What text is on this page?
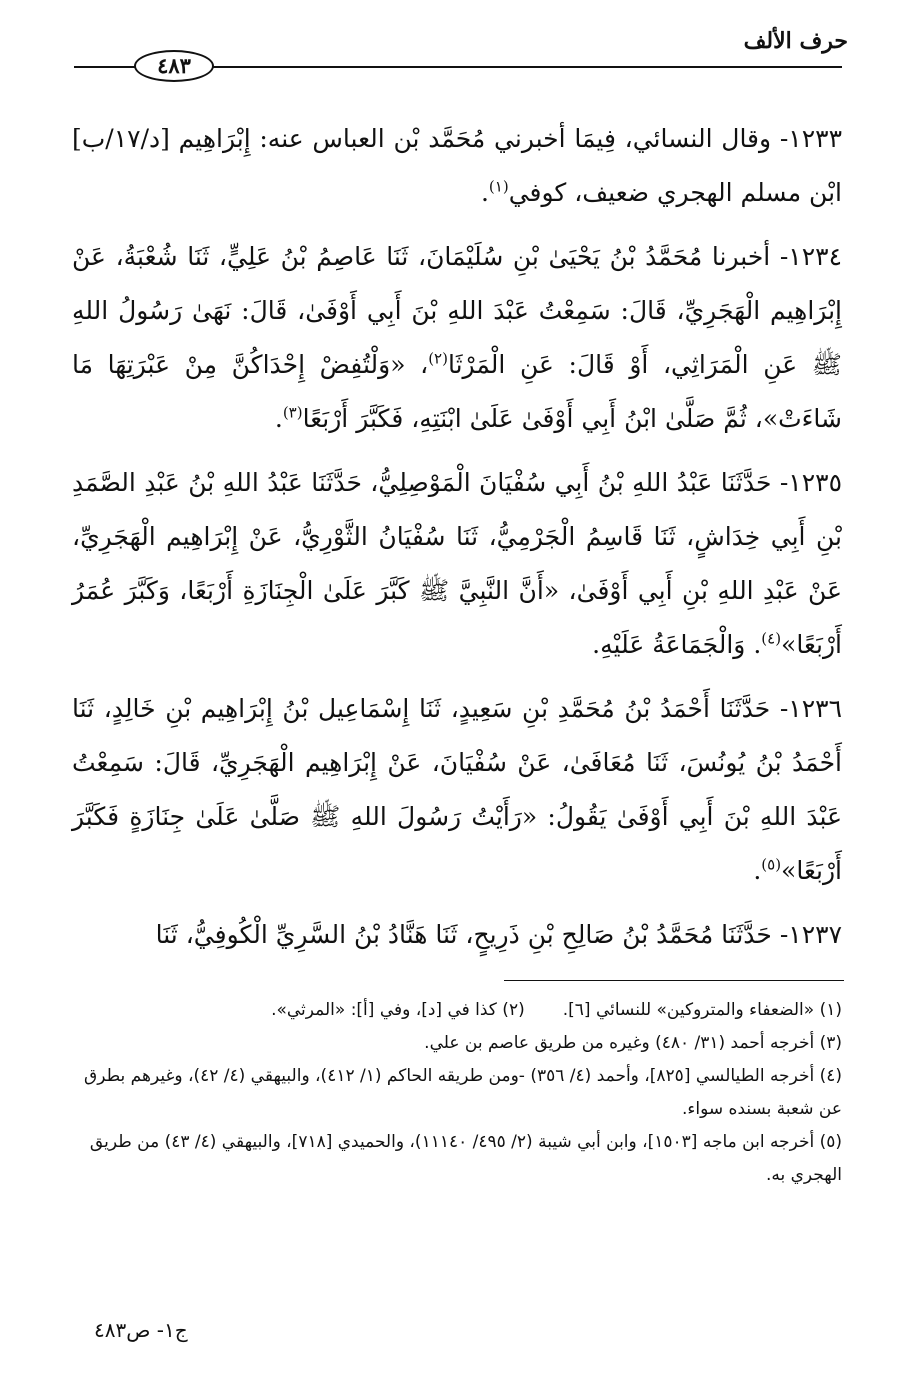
حرف الألف
٤٨٣

١٢٣٣- وقال النسائي، فِيمَا أخبرني مُحَمَّد بْن العباس عنه: إِبْرَاهِيم [د/١٧/ب] ابْن مسلم الهجري ضعيف، كوفي$^{(١)}$.

١٢٣٤- أخبرنا مُحَمَّدُ بْنُ يَحْيَىٰ بْنِ سُلَيْمَانَ، ثَنَا عَاصِمُ بْنُ عَلِيٍّ، ثَنَا شُعْبَةُ، عَنْ إِبْرَاهِيم الْهَجَرِيِّ، قَالَ: سَمِعْتُ عَبْدَ اللهِ بْنَ أَبِي أَوْفَىٰ، قَالَ: نَهَىٰ رَسُولُ اللهِ ﷺ عَنِ الْمَرَاثِي، أَوْ قَالَ: عَنِ الْمَرْثَا$^{(٢)}$، «وَلْتُفِضْ إِحْدَاكُنَّ مِنْ عَبْرَتِهَا مَا شَاءَتْ»، ثُمَّ صَلَّىٰ ابْنُ أَبِي أَوْفَىٰ عَلَىٰ ابْنَتِهِ، فَكَبَّرَ أَرْبَعًا$^{(٣)}$.

١٢٣٥- حَدَّثَنَا عَبْدُ اللهِ بْنُ أَبِي سُفْيَانَ الْمَوْصِلِيُّ، حَدَّثَنَا عَبْدُ اللهِ بْنُ عَبْدِ الصَّمَدِ بْنِ أَبِي خِدَاشٍ، ثَنَا قَاسِمُ الْجَرْمِيُّ، ثَنَا سُفْيَانُ الثَّوْرِيُّ، عَنْ إِبْرَاهِيم الْهَجَرِيِّ، عَنْ عَبْدِ اللهِ بْنِ أَبِي أَوْفَىٰ، «أَنَّ النَّبِيَّ ﷺ كَبَّرَ عَلَىٰ الْجِنَازَةِ أَرْبَعًا، وَكَبَّرَ عُمَرُ أَرْبَعًا»$^{(٤)}$. وَالْجَمَاعَةُ عَلَيْهِ.

١٢٣٦- حَدَّثَنَا أَحْمَدُ بْنُ مُحَمَّدِ بْنِ سَعِيدٍ، ثَنَا إِسْمَاعِيل بْنُ إِبْرَاهِيم بْنِ خَالِدٍ، ثَنَا أَحْمَدُ بْنُ يُونُسَ، ثَنَا مُعَافَىٰ، عَنْ سُفْيَانَ، عَنْ إِبْرَاهِيم الْهَجَرِيِّ، قَالَ: سَمِعْتُ عَبْدَ اللهِ بْنَ أَبِي أَوْفَىٰ يَقُولُ: «رَأَيْتُ رَسُولَ اللهِ ﷺ صَلَّىٰ عَلَىٰ جِنَازَةٍ فَكَبَّرَ أَرْبَعًا»$^{(٥)}$.

١٢٣٧- حَدَّثَنَا مُحَمَّدُ بْنُ صَالِحِ بْنِ ذَرِيحٍ، ثَنَا هَنَّادُ بْنُ السَّرِيِّ الْكُوفِيُّ، ثَنَا

(١) «الضعفاء والمتروكين» للنسائي [٦].
(٢) كذا في [د]، وفي [أ]: «المرثي».

(٣) أخرجه أحمد (٣١/ ٤٨٠) وغيره من طريق عاصم بن علي.

(٤) أخرجه الطيالسي [٨٢٥]، وأحمد (٤/ ٣٥٦) -ومن طريقه الحاكم (١/ ٤١٢)، والبيهقي (٤/ ٤٢)، وغيرهم بطرق عن شعبة بسنده سواء.

(٥) أخرجه ابن ماجه [١٥٠٣]، وابن أبي شيبة (٢/ ٤٩٥/ ١١١٤٠)، والحميدي [٧١٨]، والبيهقي (٤/ ٤٣) من طريق الهجري به.

ج١- ص٤٨٣
